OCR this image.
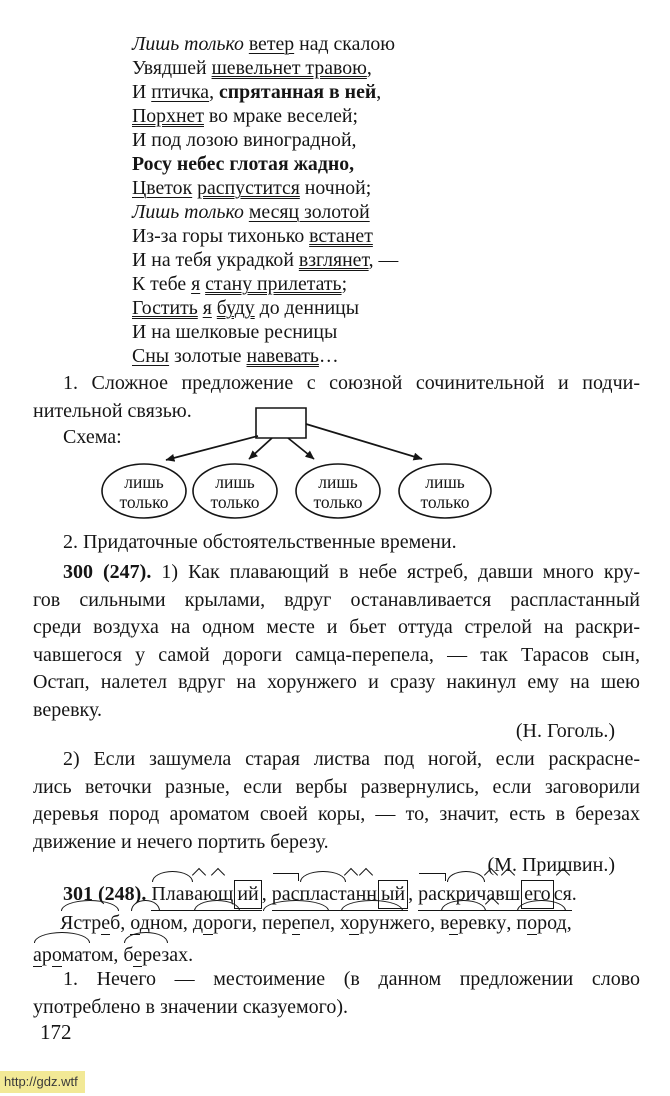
Лишь только ветер над скалою
Увядшей шевельнет травою,
И птичка, спрятанная в ней,
Порхнет во мраке веселей;
И под лозою виноградной,
Росу небес глотая жадно,
Цветок распустится ночной;
Лишь только месяц золотой
Из-за горы тихонько встанет
И на тебя украдкой взглянет, —
К тебе я стану прилетать;
Гостить я буду до денницы
И на шелковые ресницы
Сны золотые навевать…
1. Сложное предложение с союзной сочинительной и подчи-
нительной связью.
Схема:
лишь
только
лишь
только
лишь
только
лишь
только
2. Придаточные обстоятельственные времени.
300 (247). 1) Как плавающий в небе ястреб, давши много кру-
гов сильными крылами, вдруг останавливается распластанный
среди воздуха на одном месте и бьет оттуда стрелой на раскри-
чавшегося у самой дороги самца-перепела, — так Тарасов сын,
Остап, налетел вдруг на хорунжего и сразу накинул ему на шею
веревку.
(Н. Гоголь.)
2) Если зашумела старая листва под ногой, если раскрасне-
лись веточки разные, если вербы развернулись, если заговорили
деревья пород ароматом своей коры, — то, значит, есть в березах
движение и нечего портить березу.
(М. Пришвин.)
301 (248). Плавающ ий , распластанн ый , раскричавш его ся.
Ястреб, одном, дороги, перепел, хорунжего, веревку, пород,
ароматом, березах.
1. Нечего — местоимение (в данном предложении слово
употреблено в значении сказуемого).
172
http://gdz.wtf
